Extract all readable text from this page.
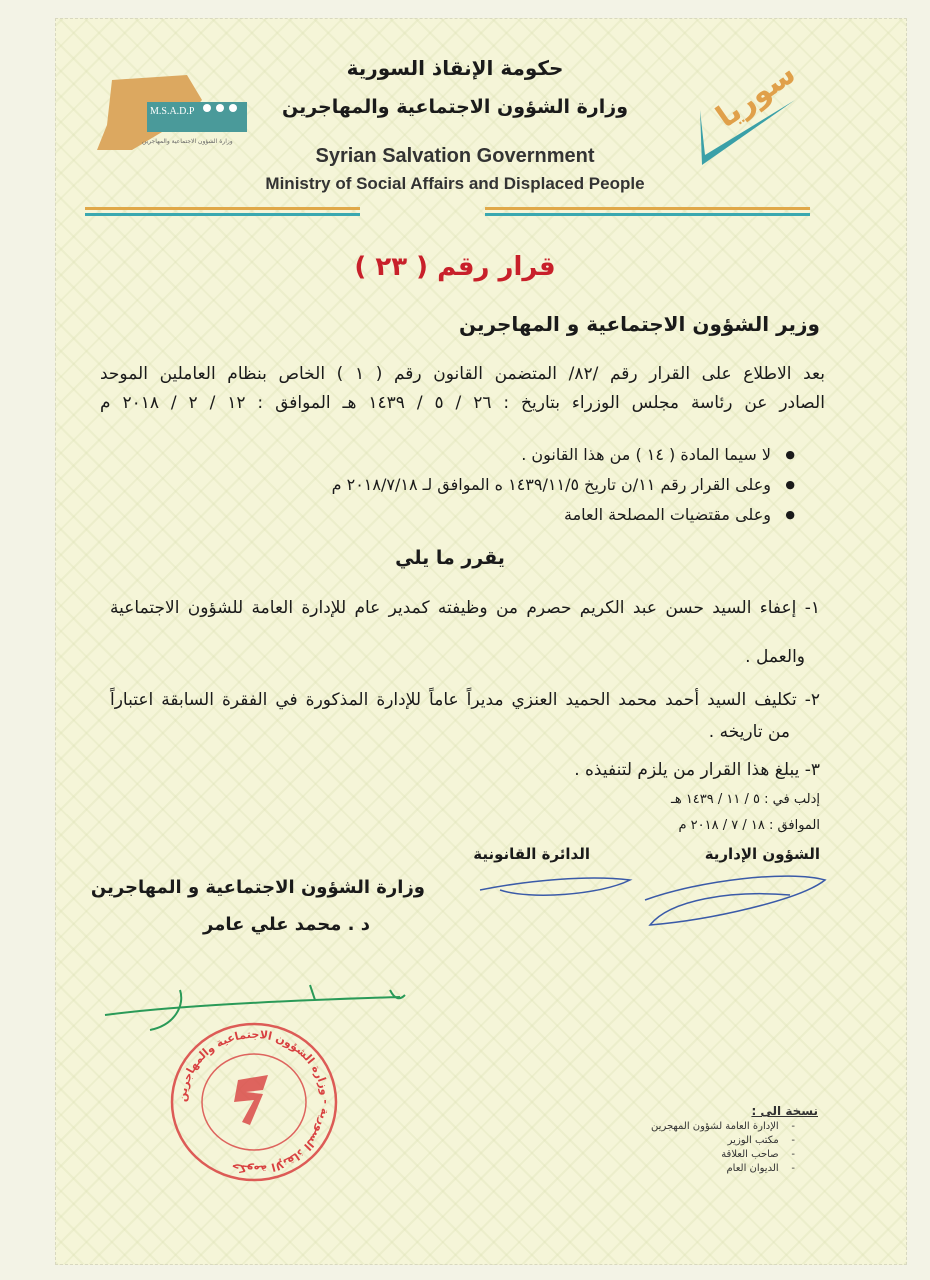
M.S.A.D.P
وزارة الشؤون الاجتماعية والمهاجرين
سوريا
حكومة الإنقاذ السورية
وزارة الشؤون الاجتماعية والمهاجرين
Syrian Salvation Government
Ministry of Social Affairs and Displaced People
قرار رقم ( ٢٣ )
وزير الشؤون الاجتماعية و المهاجرين
بعد الاطلاع على القرار رقم /٨٢/ المتضمن القانون رقم ( ١ ) الخاص بنظام العاملين الموحد
الصادر عن رئاسة مجلس الوزراء بتاريخ : ٢٦ / ٥ / ١٤٣٩ هـ الموافق : ١٢ / ٢ / ٢٠١٨ م
● لا سيما المادة ( ١٤ ) من هذا القانون .
● وعلى القرار رقم ١١/ن تاريخ ١٤٣٩/١١/٥ ه الموافق لـ ٢٠١٨/٧/١٨ م
● وعلى مقتضيات المصلحة العامة
يقرر ما يلي
١- إعفاء السيد حسن عبد الكريم حصرم من وظيفته كمدير عام للإدارة العامة للشؤون الاجتماعية
والعمل .
٢- تكليف السيد أحمد محمد الحميد العنزي مديراً عاماً للإدارة المذكورة في الفقرة السابقة اعتباراً
من تاريخه .
٣- يبلغ هذا القرار من يلزم لتنفيذه .
إدلب في : ٥ / ١١ / ١٤٣٩ هـ
الموافق : ١٨ / ٧ / ٢٠١٨ م
الشؤون الإدارية
الدائرة القانونية
وزارة الشؤون الاجتماعية و المهاجرين
د . محمد علي عامر
حكومة الإنقاذ السورية - وزارة الشؤون الاجتماعية والمهاجرين
نسخة الى :
-    الإدارة العامة لشؤون المهجرين
-    مكتب الوزير
-    صاحب العلاقة
-    الديوان العام
